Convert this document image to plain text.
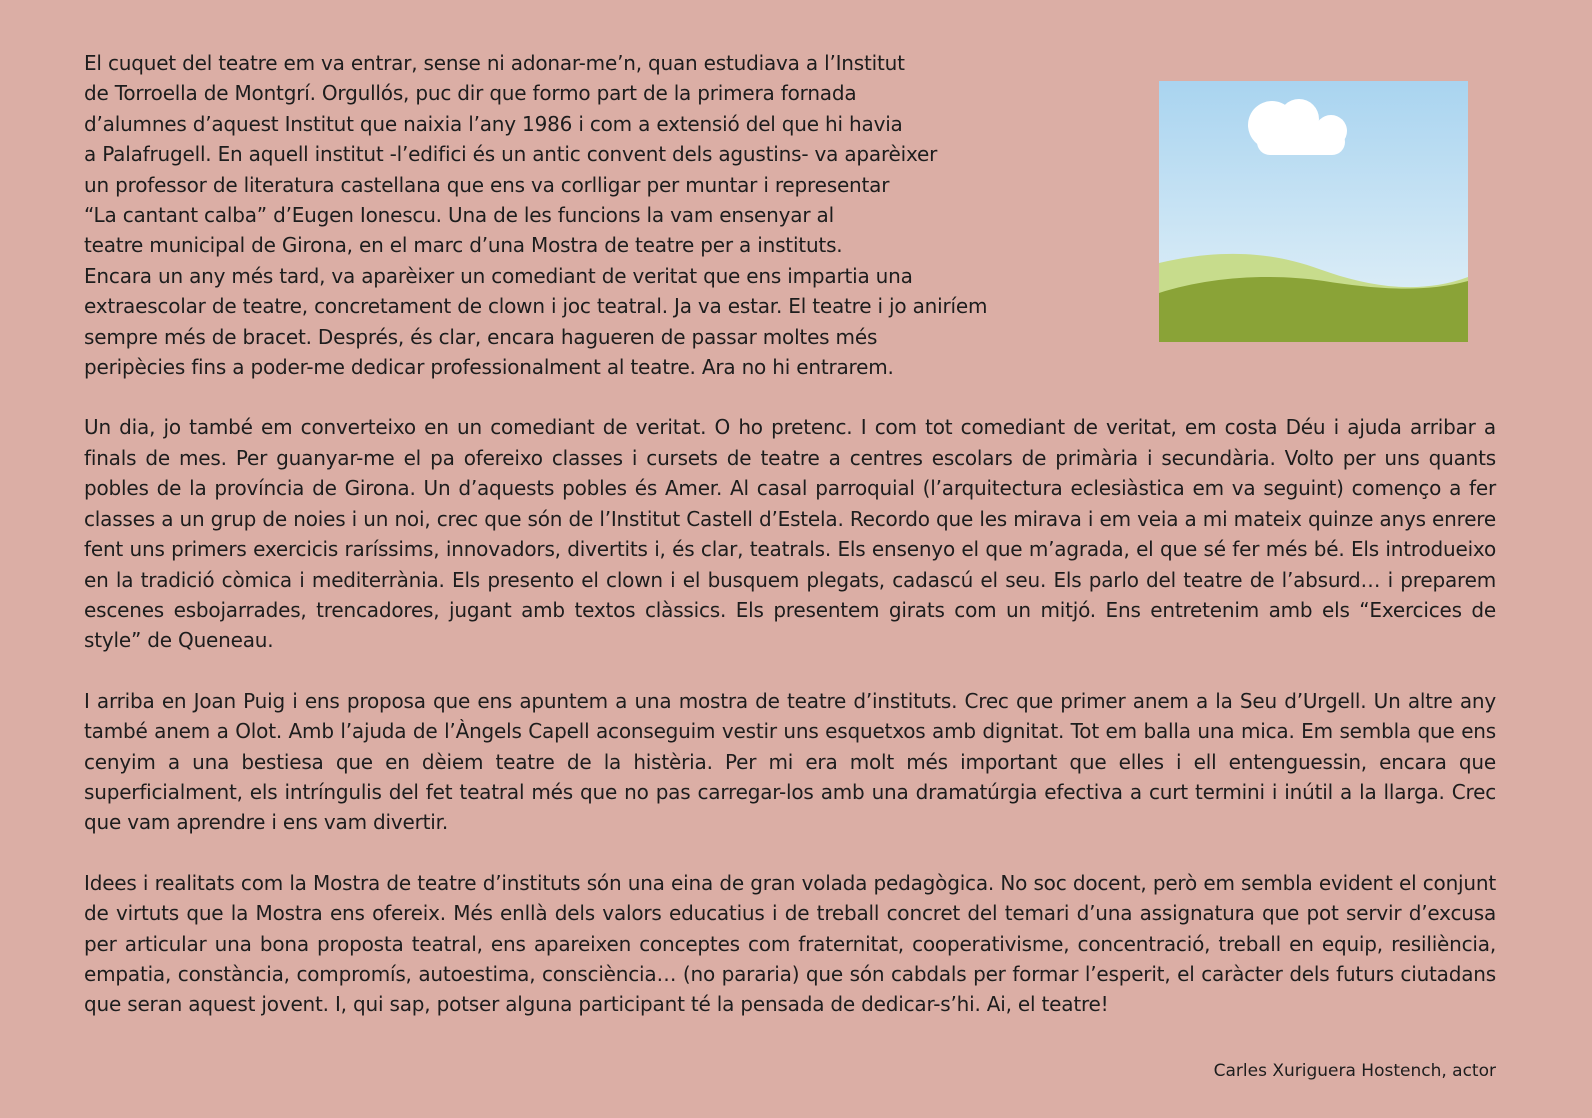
El cuquet del teatre em va entrar, sense ni adonar-me’n, quan estudiava a l’Institut
de Torroella de Montgrí. Orgullós, puc dir que formo part de la primera fornada
d’alumnes d’aquest Institut que naixia l’any 1986 i com a extensió del que hi havia
a Palafrugell. En aquell institut -l’edifici és un antic convent dels agustins- va aparèixer
un professor de literatura castellana que ens va corlligar per muntar i representar
“La cantant calba” d’Eugen Ionescu. Una de les funcions la vam ensenyar al
teatre municipal de Girona, en el marc d’una Mostra de teatre per a instituts.
Encara un any més tard, va aparèixer un comediant de veritat que ens impartia una
extraescolar de teatre, concretament de clown i joc teatral. Ja va estar. El teatre i jo aniríem
sempre més de bracet. Després, és clar, encara hagueren de passar moltes més
peripècies fins a poder-me dedicar professionalment al teatre. Ara no hi entrarem.

Un dia, jo també em converteixo en un comediant de veritat. O ho pretenc. I com tot comediant de veritat, em costa Déu i ajuda arribar a finals de mes. Per guanyar-me el pa ofereixo classes i cursets de teatre a centres escolars de primària i secundària. Volto per uns quants pobles de la província de Girona. Un d’aquests pobles és Amer. Al casal parroquial (l’arquitectura eclesiàstica em va seguint) començo a fer classes a un grup de noies i un noi, crec que són de l’Institut Castell d’Estela. Recordo que les mirava i em veia a mi mateix quinze anys enrere fent uns primers exercicis raríssims, innovadors, divertits i, és clar, teatrals. Els ensenyo el que m’agrada, el que sé fer més bé. Els introdueixo en la tradició còmica i mediterrània. Els presento el clown i el busquem plegats, cadascú el seu. Els parlo del teatre de l’absurd… i preparem escenes esbojarrades, trencadores, jugant amb textos clàssics. Els presentem girats com un mitjó. Ens entretenim amb els “Exercices de style” de Queneau.

I arriba en Joan Puig i ens proposa que ens apuntem a una mostra de teatre d’instituts. Crec que primer anem a la Seu d’Urgell. Un altre any també anem a Olot. Amb l’ajuda de l’Àngels Capell aconseguim vestir uns esquetxos amb dignitat. Tot em balla una mica. Em sembla que ens cenyim a una bestiesa que en dèiem teatre de la histèria. Per mi era molt més important que elles i ell entenguessin, encara que superficialment, els intríngulis del fet teatral més que no pas carregar-los amb una dramatúrgia efectiva a curt termini i inútil a la llarga. Crec que vam aprendre i ens vam divertir.

Idees i realitats com la Mostra de teatre d’instituts són una eina de gran volada pedagògica. No soc docent, però em sembla evident el conjunt de virtuts que la Mostra ens ofereix. Més enllà dels valors educatius i de treball concret del temari d’una assignatura que pot servir d’excusa per articular una bona proposta teatral, ens apareixen conceptes com fraternitat, cooperativisme, concentració, treball en equip, resiliència, empatia, constància, compromís, autoestima, consciència… (no pararia) que són cabdals per formar l’esperit, el caràcter dels futurs ciutadans que seran aquest jovent. I, qui sap, potser alguna participant té la pensada de dedicar-s’hi. Ai, el teatre!

Carles Xuriguera Hostench, actor
